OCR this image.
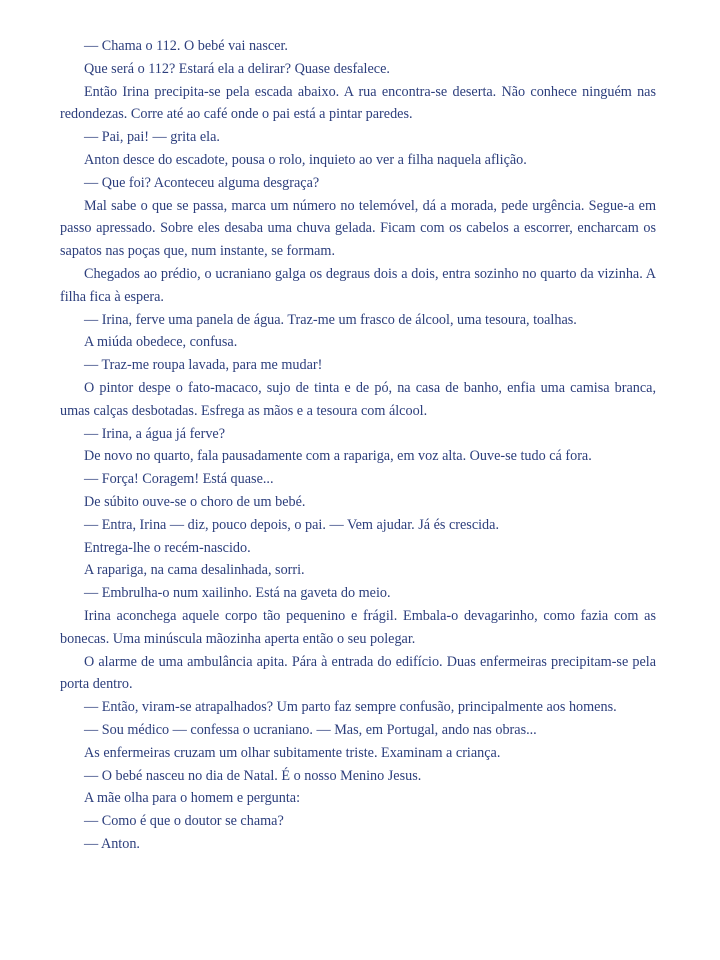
— Chama o 112. O bebé vai nascer.

Que será o 112? Estará ela a delirar? Quase desfalece.

Então Irina precipita-se pela escada abaixo. A rua encontra-se deserta. Não conhece ninguém nas redondezas. Corre até ao café onde o pai está a pintar paredes.

— Pai, pai! — grita ela.

Anton desce do escadote, pousa o rolo, inquieto ao ver a filha naquela aflição.

— Que foi? Aconteceu alguma desgraça?

Mal sabe o que se passa, marca um número no telemóvel, dá a morada, pede urgência. Segue-a em passo apressado. Sobre eles desaba uma chuva gelada. Ficam com os cabelos a escorrer, encharcam os sapatos nas poças que, num instante, se formam.

Chegados ao prédio, o ucraniano galga os degraus dois a dois, entra sozinho no quarto da vizinha. A filha fica à espera.

— Irina, ferve uma panela de água. Traz-me um frasco de álcool, uma tesoura, toalhas.

A miúda obedece, confusa.

— Traz-me roupa lavada, para me mudar!

O pintor despe o fato-macaco, sujo de tinta e de pó, na casa de banho, enfia uma camisa branca, umas calças desbotadas. Esfrega as mãos e a tesoura com álcool.

— Irina, a água já ferve?

De novo no quarto, fala pausadamente com a rapariga, em voz alta. Ouve-se tudo cá fora.

— Força! Coragem! Está quase...

De súbito ouve-se o choro de um bebé.

— Entra, Irina — diz, pouco depois, o pai. — Vem ajudar. Já és crescida.

Entrega-lhe o recém-nascido.

A rapariga, na cama desalinhada, sorri.

— Embrulha-o num xailinho. Está na gaveta do meio.

Irina aconchega aquele corpo tão pequenino e frágil. Embala-o devagarinho, como fazia com as bonecas. Uma minúscula mãozinha aperta então o seu polegar.

O alarme de uma ambulância apita. Pára à entrada do edifício. Duas enfermeiras precipitam-se pela porta dentro.

— Então, viram-se atrapalhados? Um parto faz sempre confusão, principalmente aos homens.

— Sou médico — confessa o ucraniano. — Mas, em Portugal, ando nas obras...

As enfermeiras cruzam um olhar subitamente triste. Examinam a criança.

— O bebé nasceu no dia de Natal. É o nosso Menino Jesus.

A mãe olha para o homem e pergunta:

— Como é que o doutor se chama?

— Anton.
